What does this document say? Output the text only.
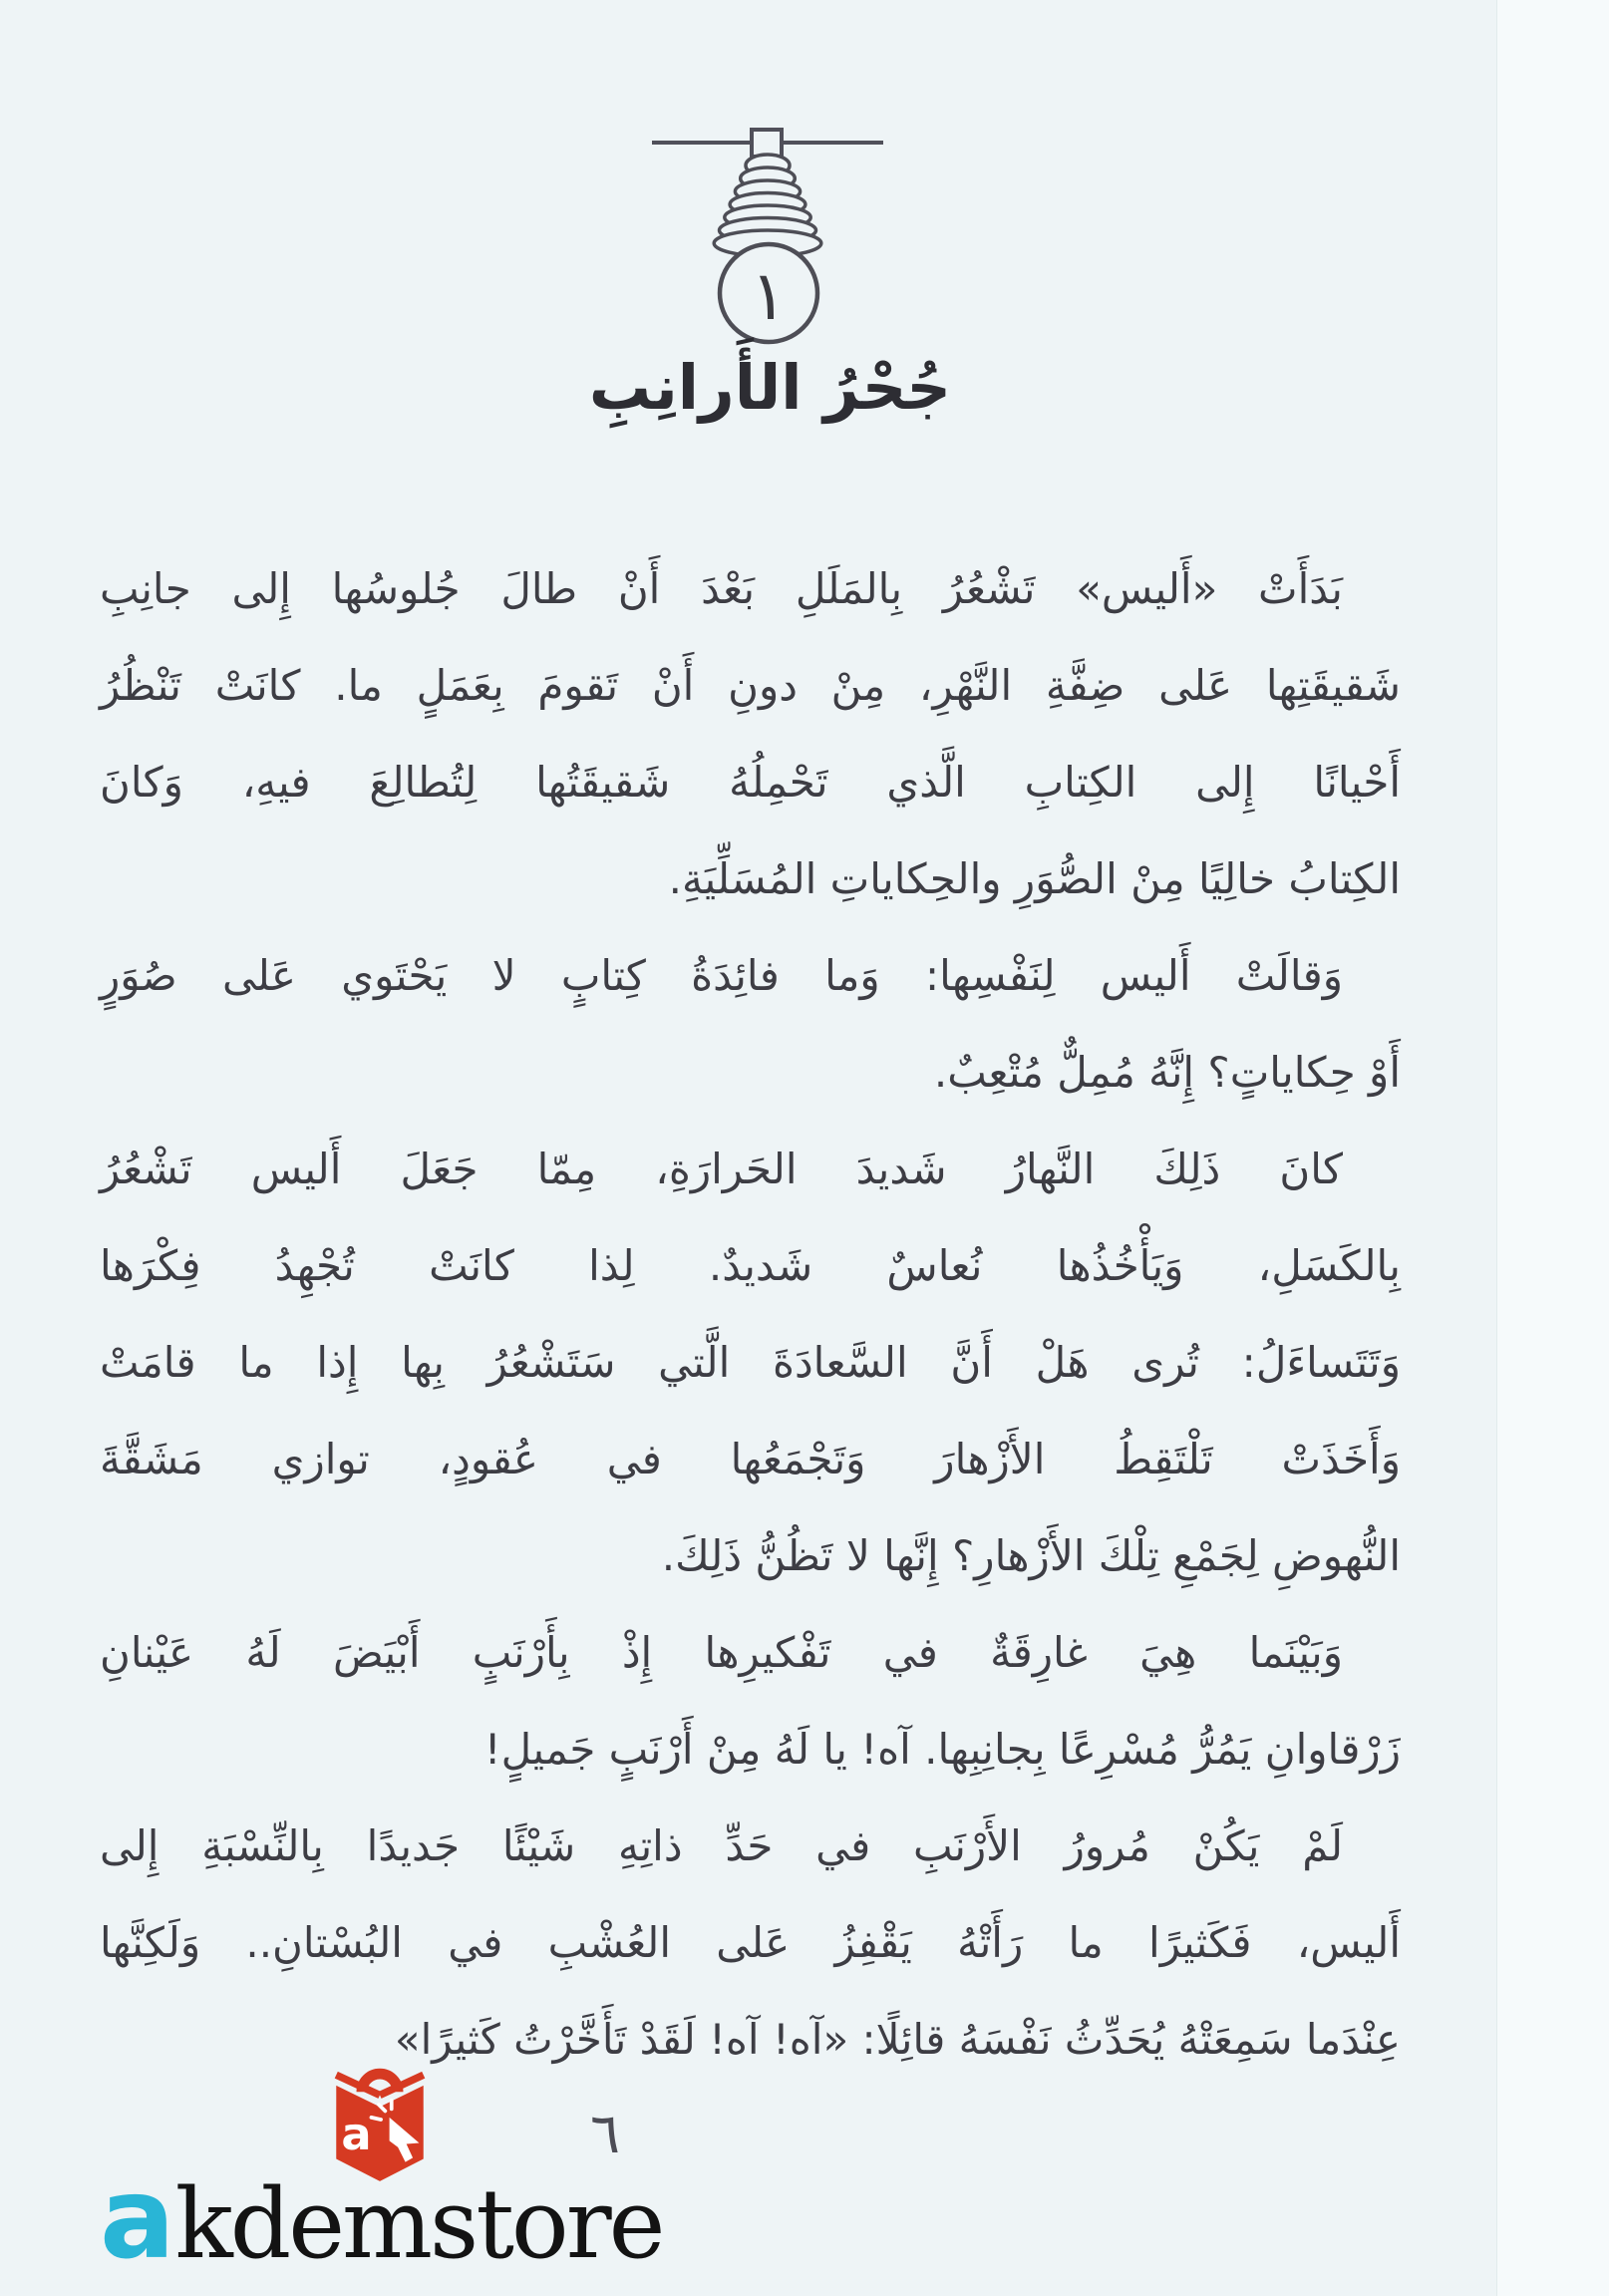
١
جُحْرُ الأَرانِبِ
بَدَأَتْ «أَليس» تَشْعُرُ بِالمَلَلِ بَعْدَ أَنْ طالَ جُلوسُها إِلى جانِبِ
شَقيقَتِها عَلى ضِفَّةِ النَّهْرِ، مِنْ دونِ أَنْ تَقومَ بِعَمَلٍ ما. كانَتْ تَنْظُرُ
أَحْيانًا إِلى الكِتابِ الَّذي تَحْمِلُهُ شَقيقَتُها لِتُطالِعَ فيهِ، وَكانَ
الكِتابُ خالِيًا مِنْ الصُّوَرِ والحِكاياتِ المُسَلِّيَةِ.
وَقالَتْ أَليس لِنَفْسِها: وَما فائِدَةُ كِتابٍ لا يَحْتَوي عَلى صُوَرٍ
أَوْ حِكاياتٍ؟ إِنَّهُ مُمِلٌّ مُتْعِبٌ.
كانَ ذَلِكَ النَّهارُ شَديدَ الحَرارَةِ، مِمّا جَعَلَ أَليس تَشْعُرُ
بِالكَسَلِ، وَيَأْخُذُها نُعاسٌ شَديدٌ. لِذا كانَتْ تُجْهِدُ فِكْرَها
وَتَتَساءَلُ: تُرى هَلْ أَنَّ السَّعادَةَ الَّتي سَتَشْعُرُ بِها إِذا ما قامَتْ
وَأَخَذَتْ تَلْتَقِطُ الأَزْهارَ وَتَجْمَعُها في عُقودٍ، توازي مَشَقَّةَ
النُّهوضِ لِجَمْعِ تِلْكَ الأَزْهارِ؟ إِنَّها لا تَظُنُّ ذَلِكَ.
وَبَيْنَما هِيَ غارِقَةٌ في تَفْكيرِها إِذْ بِأَرْنَبٍ أَبْيَضَ لَهُ عَيْنانِ
زَرْقاوانِ يَمُرُّ مُسْرِعًا بِجانِبِها. آه! يا لَهُ مِنْ أَرْنَبٍ جَميلٍ!
لَمْ يَكُنْ مُرورُ الأَرْنَبِ في حَدِّ ذاتِهِ شَيْئًا جَديدًا بِالنِّسْبَةِ إِلى
أَليس، فَكَثيرًا ما رَأَتْهُ يَقْفِزُ عَلى العُشْبِ في البُسْتانِ.. وَلَكِنَّها
عِنْدَما سَمِعَتْهُ يُحَدِّثُ نَفْسَهُ قائِلًا: «آه! آه! لَقَدْ تَأَخَّرْتُ كَثيرًا»
٦
a
akdemstore
